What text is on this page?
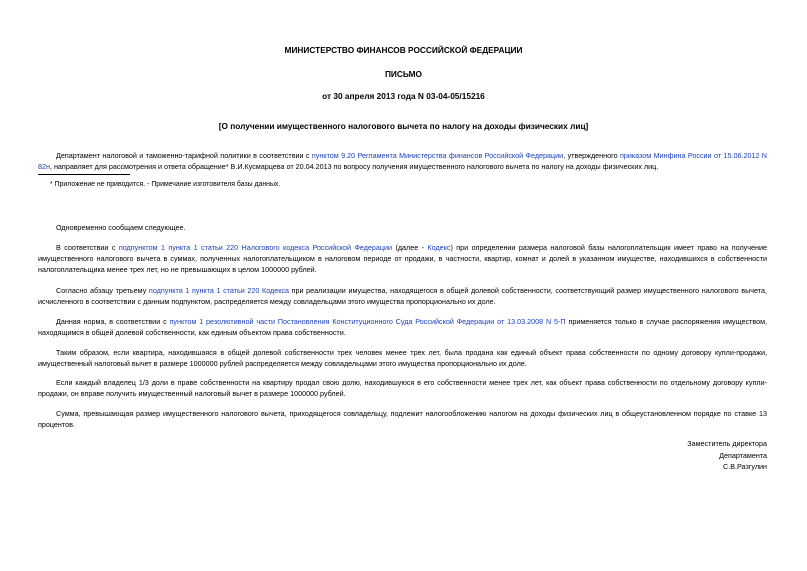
МИНИСТЕРСТВО ФИНАНСОВ РОССИЙСКОЙ ФЕДЕРАЦИИ
ПИСЬМО
от 30 апреля 2013 года N 03-04-05/15216
[О получении имущественного налогового вычета по налогу на доходы физических лиц]

Департамент налоговой и таможенно-тарифной политики в соответствии с пунктом 9.20 Регламента Министерства финансов Российской Федерации, утвержденного приказом Минфина России от 15.06.2012 N 82н, направляет для рассмотрения и ответа обращение* В.И.Кусмарцева от 20.04.2013 по вопросу получения имущественного налогового вычета по налогу на доходы физических лиц.

* Приложение не приводится. - Примечание изготовителя базы данных.

Одновременно сообщаем следующее.

В соответствии с подпунктом 1 пункта 1 статьи 220 Налогового кодекса Российской Федерации (далее - Кодекс) при определении размера налоговой базы налогоплательщик имеет право на получение имущественного налогового вычета в суммах, полученных налогоплательщиком в налоговом периоде от продажи, в частности, квартир, комнат и долей в указанном имуществе, находившихся в собственности налогоплательщика менее трех лет, но не превышающих в целом 1000000 рублей.

Согласно абзацу третьему подпункта 1 пункта 1 статьи 220 Кодекса при реализации имущества, находящегося в общей долевой собственности, соответствующий размер имущественного налогового вычета, исчисленного в соответствии с данным подпунктом, распределяется между совладельцами этого имущества пропорционально их доле.

Данная норма, в соответствии с пунктом 1 резолютивной части Постановления Конституционного Суда Российской Федерации от 13.03.2008 N 5-П применяется только в случае распоряжения имуществом, находящимся в общей долевой собственности, как единым объектом права собственности.

Таким образом, если квартира, находившаяся в общей долевой собственности трех человек менее трех лет, была продана как единый объект права собственности по одному договору купли-продажи, имущественный налоговый вычет в размере 1000000 рублей распределяется между совладельцами этого имущества пропорционально их доле.

Если каждый владелец 1/3 доли в праве собственности на квартиру продал свою долю, находившуюся в его собственности менее трех лет, как объект права собственности по отдельному договору купли-продажи, он вправе получить имущественный налоговый вычет в размере 1000000 рублей.

Сумма, превышающая размер имущественного налогового вычета, приходящегося совладельцу, подлежит налогообложению налогом на доходы физических лиц в общеустановленном порядке по ставке 13 процентов.

Заместитель директора
Департамента
С.В.Разгулин
